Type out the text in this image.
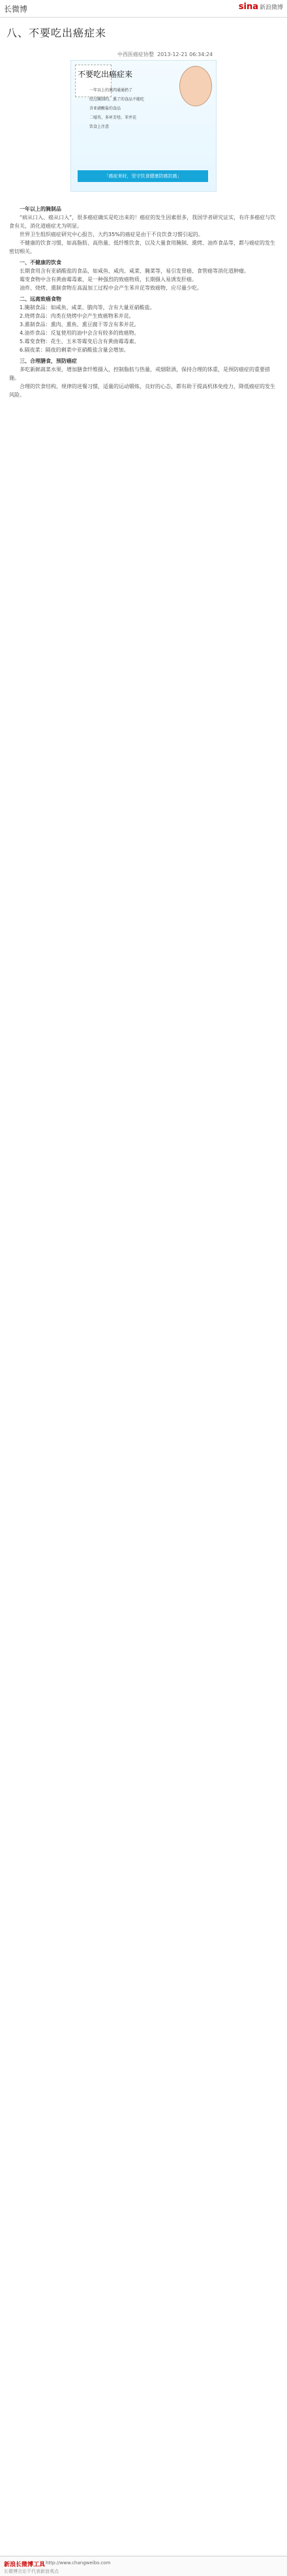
长微博	sina 新浪微博
八、不要吃出癌症来
中西医癌症协整 2013-12-21 06:34:24
不要吃出癌症来
一年以上的熏肉通通扔了
经过腌制的，熏了的食品不能吃
含亚硝酸盐的食品
二噁英、多环芳烃、苯并芘
饮食上注意
「癌症来时，坚守饮食健康防癌抗癌」
一年以上的腌制品

“病从口入、癌从口入”，很多癌症确实是吃出来的！癌症的发生因素很多，我国学者研究证实，有许多癌症与饮食有关，消化道癌症尤为明显。

世界卫生组织癌症研究中心报告，大约35%的癌症是由于不良饮食习惯引起的。

不健康的饮食习惯，如高脂肪、高热量、低纤维饮食，以及大量食用腌制、熏烤、油炸食品等，都与癌症的发生密切相关。

一、不健康的饮食

长期食用含有亚硝酸盐的食品，如咸鱼、咸肉、咸菜、腌菜等，易引发胃癌、食管癌等消化道肿瘤。

霉变食物中含有黄曲霉毒素，是一种强烈的致癌物质，长期摄入易诱发肝癌。

油炸、烧烤、熏制食物在高温加工过程中会产生苯并芘等致癌物，应尽量少吃。

二、远离致癌食物

1.腌制食品：如咸鱼、咸菜、腊肉等，含有大量亚硝酸盐。

2.烧烤食品：肉类在烧烤中会产生致癌物苯并芘。

3.熏制食品：熏肉、熏鱼、熏豆腐干等含有苯并芘。

4.油炸食品：反复使用的油中会含有较多的致癌物。

5.霉变食物：花生、玉米等霉变后含有黄曲霉毒素。

6.隔夜菜：隔夜的剩菜中亚硝酸盐含量会增加。

三、合理膳食，预防癌症

多吃新鲜蔬菜水果，增加膳食纤维摄入，控制脂肪与热量，戒烟限酒，保持合理的体重，是预防癌症的重要措施。

合理的饮食结构，规律的进餐习惯，适量的运动锻炼，良好的心态，都有助于提高机体免疫力，降低癌症的发生风险。

新浪长微博工具 http://www.changweibo.com
长微博言论不代表新浪观点
